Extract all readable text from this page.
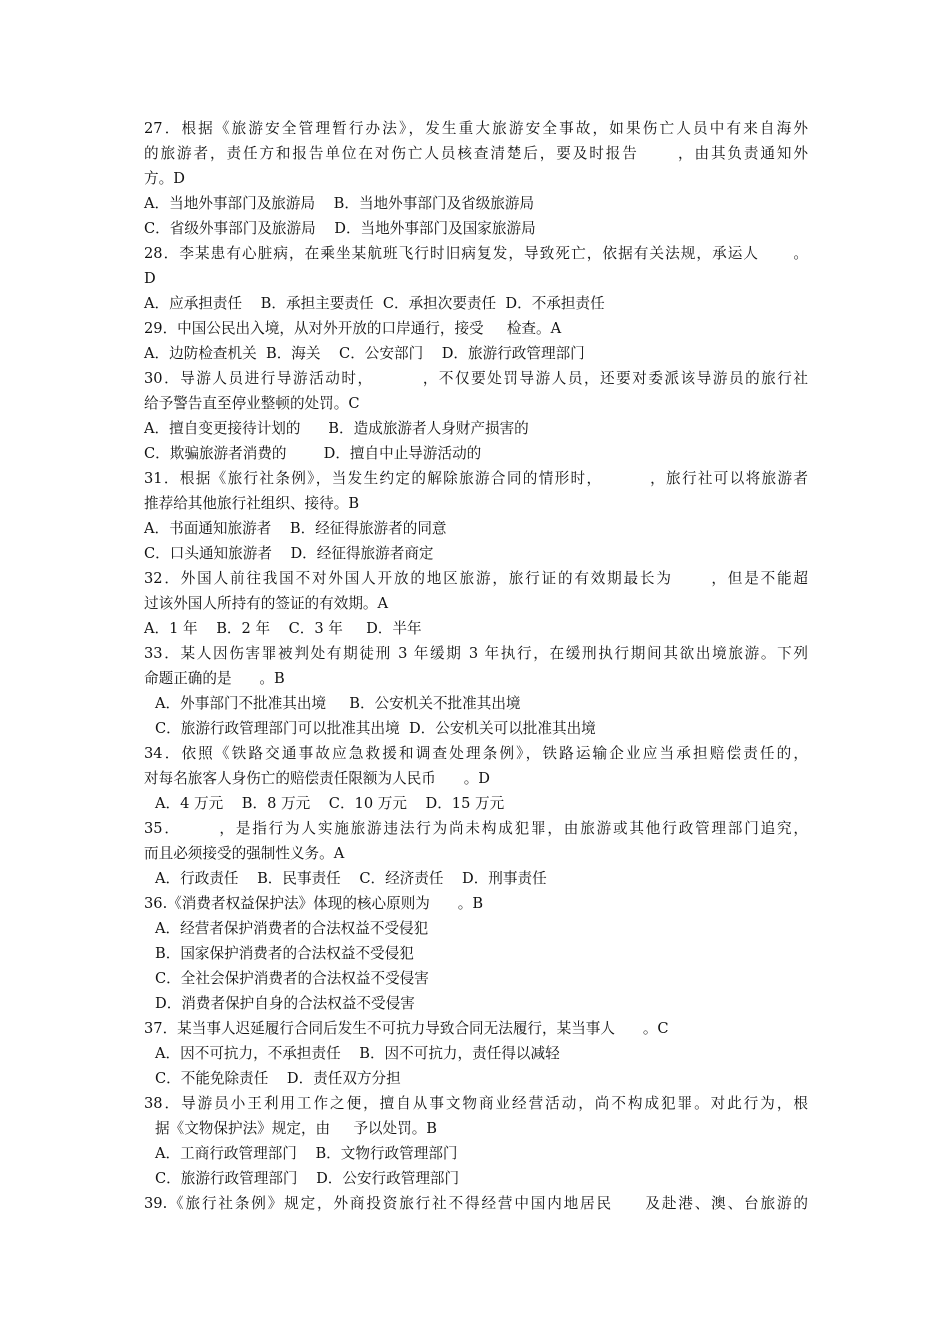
27．根据《旅游安全管理暂行办法》，发生重大旅游安全事故，如果伤亡人员中有来自海外
的旅游者，责任方和报告单位在对伤亡人员核查清楚后，要及时报告      ，由其负责通知外
方。D
A．当地外事部门及旅游局    B．当地外事部门及省级旅游局
C．省级外事部门及旅游局    D．当地外事部门及国家旅游局
28．李某患有心脏病，在乘坐某航班飞行时旧病复发，导致死亡，依据有关法规，承运人      。
D
A．应承担责任    B．承担主要责任  C．承担次要责任  D．不承担责任
29．中国公民出入境，从对外开放的口岸通行，接受     检查。A
A．边防检查机关  B．海关    C．公安部门    D．旅游行政管理部门
30．导游人员进行导游活动时，        ，不仅要处罚导游人员，还要对委派该导游员的旅行社
给予警告直至停业整顿的处罚。C
A．擅自变更接待计划的      B．造成旅游者人身财产损害的
C．欺骗旅游者消费的        D．擅自中止导游活动的
31．根据《旅行社条例》，当发生约定的解除旅游合同的情形时，        ，旅行社可以将旅游者
推荐给其他旅行社组织、接待。B
A．书面通知旅游者    B．经征得旅游者的同意
C．口头通知旅游者    D．经征得旅游者商定
32．外国人前往我国不对外国人开放的地区旅游，旅行证的有效期最长为      ，但是不能超
过该外国人所持有的签证的有效期。A
A．1 年    B．2 年    C．3 年     D．半年
33．某人因伤害罪被判处有期徒刑 3 年缓期 3 年执行，在缓刑执行期间其欲出境旅游。下列
命题正确的是      。B
A．外事部门不批准其出境     B．公安机关不批准其出境
C．旅游行政管理部门可以批准其出境  D．公安机关可以批准其出境
34．依照《铁路交通事故应急救援和调查处理条例》，铁路运输企业应当承担赔偿责任的，
对每名旅客人身伤亡的赔偿责任限额为人民币      。D
A．4 万元    B．8 万元    C．10 万元    D．15 万元
35．      ，是指行为人实施旅游违法行为尚未构成犯罪，由旅游或其他行政管理部门追究，
而且必须接受的强制性义务。A
A．行政责任    B．民事责任    C．经济责任    D．刑事责任
36.《消费者权益保护法》体现的核心原则为      。B
A．经营者保护消费者的合法权益不受侵犯
B．国家保护消费者的合法权益不受侵犯
C．全社会保护消费者的合法权益不受侵害
D．消费者保护自身的合法权益不受侵害
37．某当事人迟延履行合同后发生不可抗力导致合同无法履行，某当事人      。C
A．因不可抗力，不承担责任    B．因不可抗力，责任得以减轻
C．不能免除责任    D．责任双方分担
38．导游员小王利用工作之便，擅自从事文物商业经营活动，尚不构成犯罪。对此行为，根
据《文物保护法》规定，由     予以处罚。B
A．工商行政管理部门    B．文物行政管理部门
C．旅游行政管理部门    D．公安行政管理部门
39.《旅行社条例》规定，外商投资旅行社不得经营中国内地居民     及赴港、澳、台旅游的
